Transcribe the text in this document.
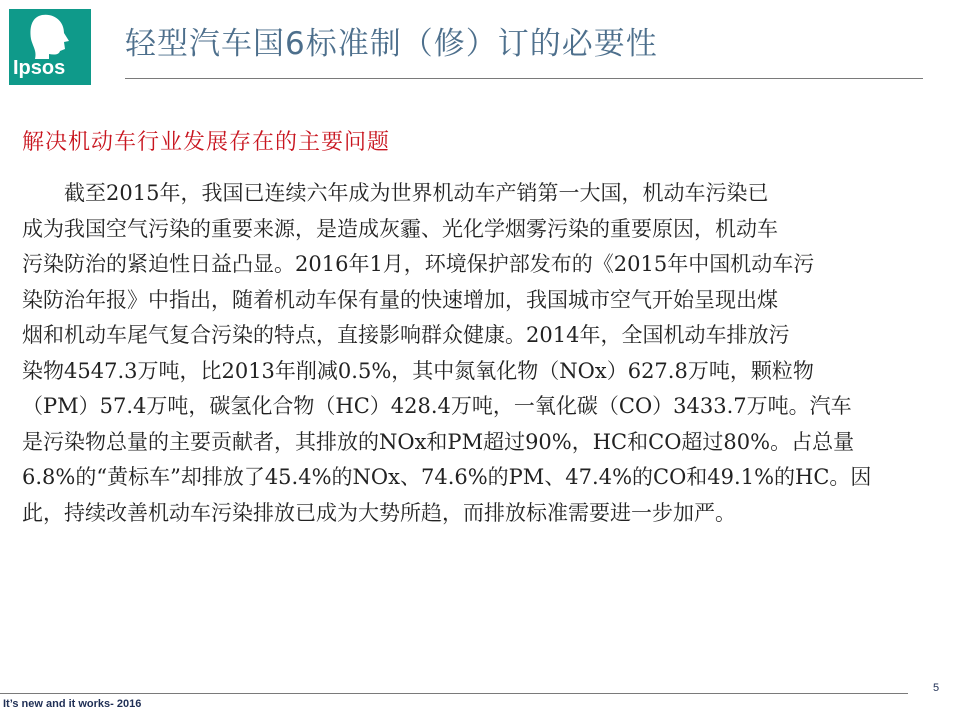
Ipsos
轻型汽车国6标准制（修）订的必要性
解决机动车行业发展存在的主要问题
　　截至2015年，我国已连续六年成为世界机动车产销第一大国，机动车污染已
成为我国空气污染的重要来源，是造成灰霾、光化学烟雾污染的重要原因，机动车
污染防治的紧迫性日益凸显。2016年1月，环境保护部发布的《2015年中国机动车污
染防治年报》中指出，随着机动车保有量的快速增加，我国城市空气开始呈现出煤
烟和机动车尾气复合污染的特点，直接影响群众健康。2014年，全国机动车排放污
染物4547.3万吨，比2013年削减0.5%，其中氮氧化物（NOx）627.8万吨，颗粒物
（PM）57.4万吨，碳氢化合物（HC）428.4万吨，一氧化碳（CO）3433.7万吨。汽车
是污染物总量的主要贡献者，其排放的NOx和PM超过90%，HC和CO超过80%。占总量
6.8%的“黄标车”却排放了45.4%的NOx、74.6%的PM、47.4%的CO和49.1%的HC。因
此，持续改善机动车污染排放已成为大势所趋，而排放标准需要进一步加严。
It’s new and it works- 2016
5
